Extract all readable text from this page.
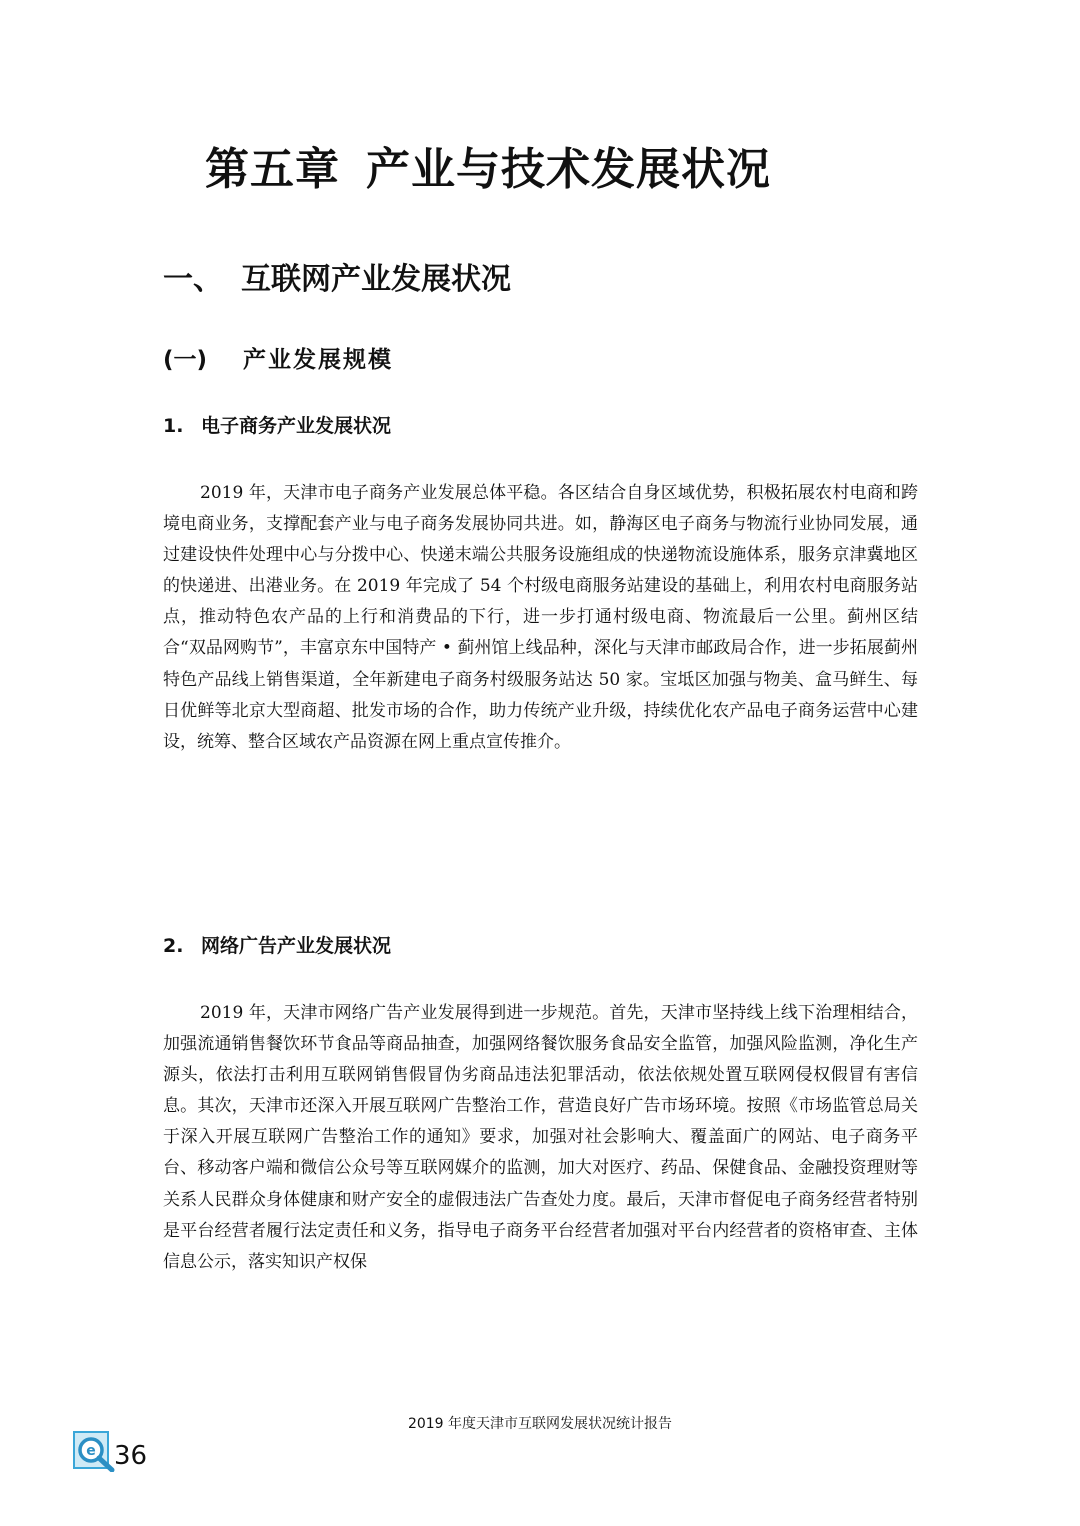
第五章 产业与技术发展状况
一、 互联网产业发展状况
(一) 产业发展规模
1. 电子商务产业发展状况

2019 年，天津市电子商务产业发展总体平稳。各区结合自身区域优势，积极拓展农村电商和跨境电商业务，支撑配套产业与电子商务发展协同共进。如，静海区电子商务与物流行业协同发展，通过建设快件处理中心与分拨中心、快递末端公共服务设施组成的快递物流设施体系，服务京津冀地区的快递进、出港业务。在 2019 年完成了 54 个村级电商服务站建设的基础上，利用农村电商服务站点，推动特色农产品的上行和消费品的下行，进一步打通村级电商、物流最后一公里。蓟州区结合“双品网购节”，丰富京东中国特产 • 蓟州馆上线品种，深化与天津市邮政局合作，进一步拓展蓟州特色产品线上销售渠道，全年新建电子商务村级服务站达 50 家。宝坻区加强与物美、盒马鲜生、每日优鲜等北京大型商超、批发市场的合作，助力传统产业升级，持续优化农产品电子商务运营中心建设，统筹、整合区域农产品资源在网上重点宣传推介。

2. 网络广告产业发展状况

2019 年，天津市网络广告产业发展得到进一步规范。首先，天津市坚持线上线下治理相结合，加强流通销售餐饮环节食品等商品抽查，加强网络餐饮服务食品安全监管，加强风险监测，净化生产源头，依法打击利用互联网销售假冒伪劣商品违法犯罪活动，依法依规处置互联网侵权假冒有害信息。其次，天津市还深入开展互联网广告整治工作，营造良好广告市场环境。按照《市场监管总局关于深入开展互联网广告整治工作的通知》要求，加强对社会影响大、覆盖面广的网站、电子商务平台、移动客户端和微信公众号等互联网媒介的监测，加大对医疗、药品、保健食品、金融投资理财等关系人民群众身体健康和财产安全的虚假违法广告查处力度。最后，天津市督促电子商务经营者特别是平台经营者履行法定责任和义务，指导电子商务平台经营者加强对平台内经营者的资格审查、主体信息公示，落实知识产权保

2019 年度天津市互联网发展状况统计报告
e 36
